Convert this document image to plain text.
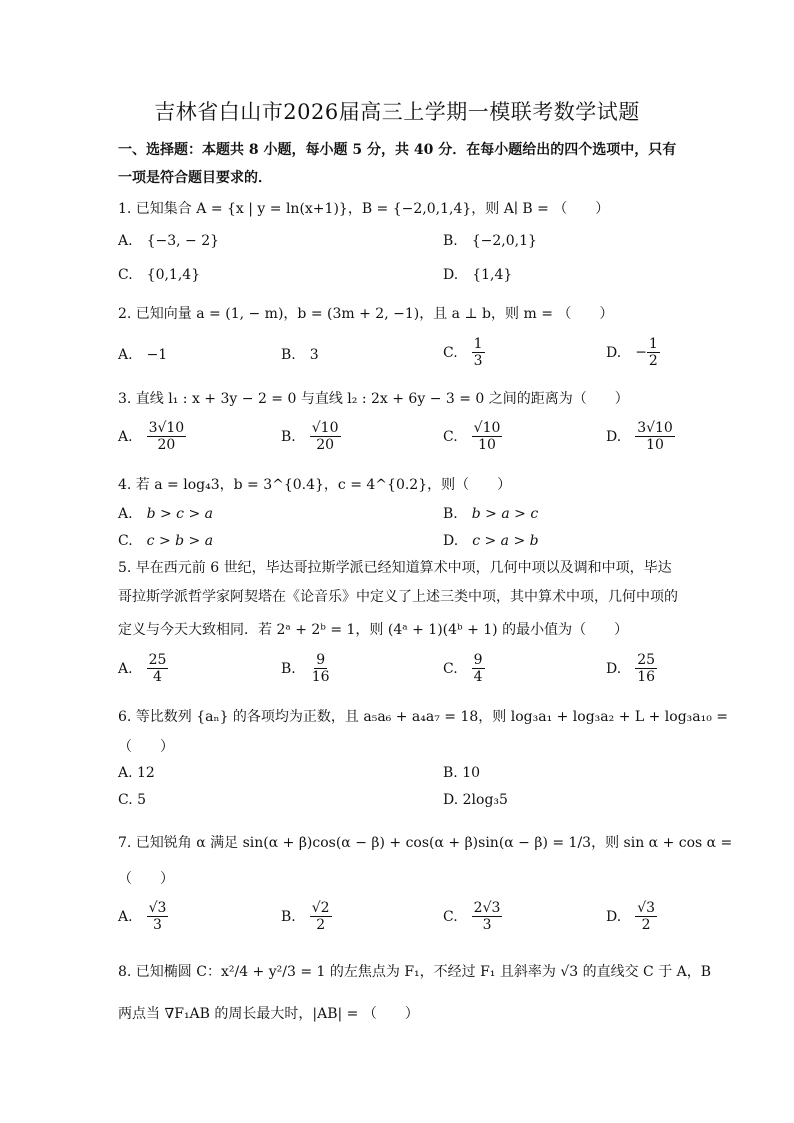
吉林省白山市2026届高三上学期一模联考数学试题
一、选择题：本题共 8 小题，每小题 5 分，共 40 分．在每小题给出的四个选项中，只有
一项是符合题目要求的．
1. 已知集合 A = {x | y = ln(x+1)}，B = {−2,0,1,4}，则 A∣ B = （　　）
A. {−3, − 2}	B. {−2,0,1}
C. {0,1,4}	D. {1,4}
2. 已知向量 a = (1, − m)，b = (3m + 2, −1)，且 a ⊥ b，则 m = （　　）
A. −1	B. 3	C. $\frac{1}{3}$	D. − $\frac{1}{2}$
3. 直线 l₁ : x + 3y − 2 = 0 与直线 l₂ : 2x + 6y − 3 = 0 之间的距离为（　　）
A. $\frac{3√10}{20}$	B. $\frac{√10}{20}$	C. $\frac{√10}{10}$	D. $\frac{3√10}{10}$
4. 若 a = log₄3，b = 3^{0.4}，c = 4^{0.2}，则（　　）
A. b > c > a	B. b > a > c
C. c > b > a	D. c > a > b
5. 早在西元前 6 世纪，毕达哥拉斯学派已经知道算术中项，几何中项以及调和中项，毕达
哥拉斯学派哲学家阿契塔在《论音乐》中定义了上述三类中项，其中算术中项，几何中项的
定义与今天大致相同．若 2ᵃ + 2ᵇ = 1，则 (4ᵃ + 1)(4ᵇ + 1) 的最小值为（　　）
A. $\frac{25}{4}$	B. $\frac{9}{16}$	C. $\frac{9}{4}$	D. $\frac{25}{16}$
6. 等比数列 {aₙ} 的各项均为正数，且 a₅a₆ + a₄a₇ = 18，则 log₃a₁ + log₃a₂ + L + log₃a₁₀ =
（　　）
A. 12	B. 10
C. 5	D. 2log₃5
7. 已知锐角 α 满足 sin(α + β)cos(α − β) + cos(α + β)sin(α − β) = 1/3，则 sin α + cos α =
（　　）
A. $\frac{√3}{3}$	B. $\frac{√2}{2}$	C. $\frac{2√3}{3}$	D. $\frac{√3}{2}$
8. 已知椭圆 C：x²/4 + y²/3 = 1 的左焦点为 F₁，不经过 F₁ 且斜率为 √3 的直线交 C 于 A，B
两点当 ∇F₁AB 的周长最大时，|AB| = （　　）
